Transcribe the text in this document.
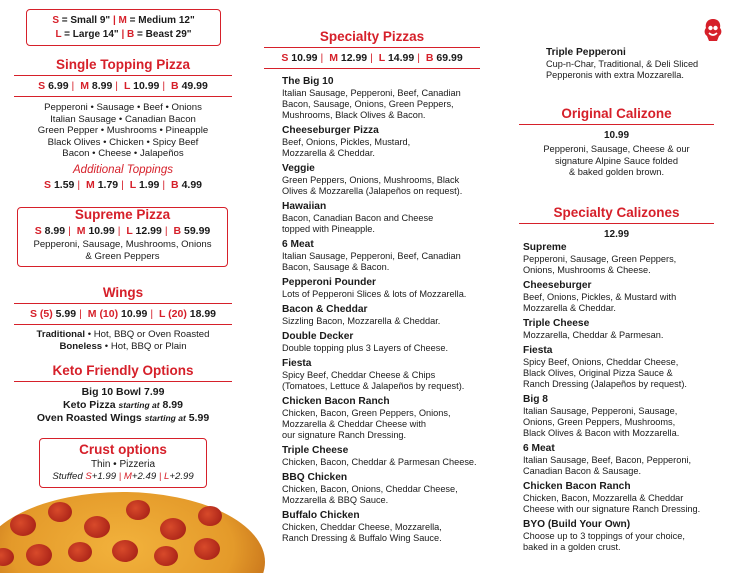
S = Small 9" | M = Medium 12"
L = Large 14" | B = Beast 29"
Single Topping Pizza
S 6.99 | M 8.99 | L 10.99 | B 49.99
Pepperoni • Sausage • Beef • Onions
Italian Sausage • Canadian Bacon
Green Pepper • Mushrooms • Pineapple
Black Olives • Chicken • Spicy Beef
Bacon • Cheese • Jalapeños
Additional Toppings
S 1.59 | M 1.79 | L 1.99 | B 4.99
Supreme Pizza
S 8.99 | M 10.99 | L 12.99 | B 59.99
Pepperoni, Sausage, Mushrooms, Onions
& Green Peppers
Wings
S (5) 5.99 | M (10) 10.99 | L (20) 18.99
Traditional • Hot, BBQ or Oven Roasted
Boneless • Hot, BBQ or Plain
Keto Friendly Options
Big 10 Bowl 7.99
Keto Pizza starting at 8.99
Oven Roasted Wings starting at 5.99
Crust options
Thin • Pizzeria
Stuffed S+1.99 | M+2.49 | L+2.99
Specialty Pizzas
S 10.99 | M 12.99 | L 14.99 | B 69.99
The Big 10
Italian Sausage, Pepperoni, Beef, Canadian
Bacon, Sausage, Onions, Green Peppers,
Mushrooms, Black Olives & Bacon.
Cheeseburger Pizza
Beef, Onions, Pickles, Mustard,
Mozzarella & Cheddar.
Veggie
Green Peppers, Onions, Mushrooms, Black
Olives & Mozzarella (Jalapeños on request).
Hawaiian
Bacon, Canadian Bacon and Cheese
topped with Pineapple.
6 Meat
Italian Sausage, Pepperoni, Beef, Canadian
Bacon, Sausage & Bacon.
Pepperoni Pounder
Lots of Pepperoni Slices & lots of Mozzarella.
Bacon & Cheddar
Sizzling Bacon, Mozzarella & Cheddar.
Double Decker
Double topping plus 3 Layers of Cheese.
Fiesta
Spicy Beef, Cheddar Cheese & Chips
(Tomatoes, Lettuce & Jalapeños by request).
Chicken Bacon Ranch
Chicken, Bacon, Green Peppers, Onions,
Mozzarella & Cheddar Cheese with
our signature Ranch Dressing.
Triple Cheese
Chicken, Bacon, Cheddar & Parmesan Cheese.
BBQ Chicken
Chicken, Bacon, Onions, Cheddar Cheese,
Mozzarella & BBQ Sauce.
Buffalo Chicken
Chicken, Cheddar Cheese, Mozzarella,
Ranch Dressing & Buffalo Wing Sauce.
Triple Pepperoni
Cup-n-Char, Traditional, & Deli Sliced
Pepperonis with extra Mozzarella.
Original Calizone
10.99
Pepperoni, Sausage, Cheese & our
signature Alpine Sauce folded
& baked golden brown.
Specialty Calizones
12.99
Supreme
Pepperoni, Sausage, Green Peppers,
Onions, Mushrooms & Cheese.
Cheeseburger
Beef, Onions, Pickles, & Mustard with
Mozzarella & Cheddar.
Triple Cheese
Mozzarella, Cheddar & Parmesan.
Fiesta
Spicy Beef, Onions, Cheddar Cheese,
Black Olives, Original Pizza Sauce &
Ranch Dressing (Jalapeños by request).
Big 8
Italian Sausage, Pepperoni, Sausage,
Onions, Green Peppers, Mushrooms,
Black Olives & Bacon with Mozzarella.
6 Meat
Italian Sausage, Beef, Bacon, Pepperoni,
Canadian Bacon & Sausage.
Chicken Bacon Ranch
Chicken, Bacon, Mozzarella & Cheddar
Cheese with our signature Ranch Dressing.
BYO (Build Your Own)
Choose up to 3 toppings of your choice,
baked in a golden crust.
